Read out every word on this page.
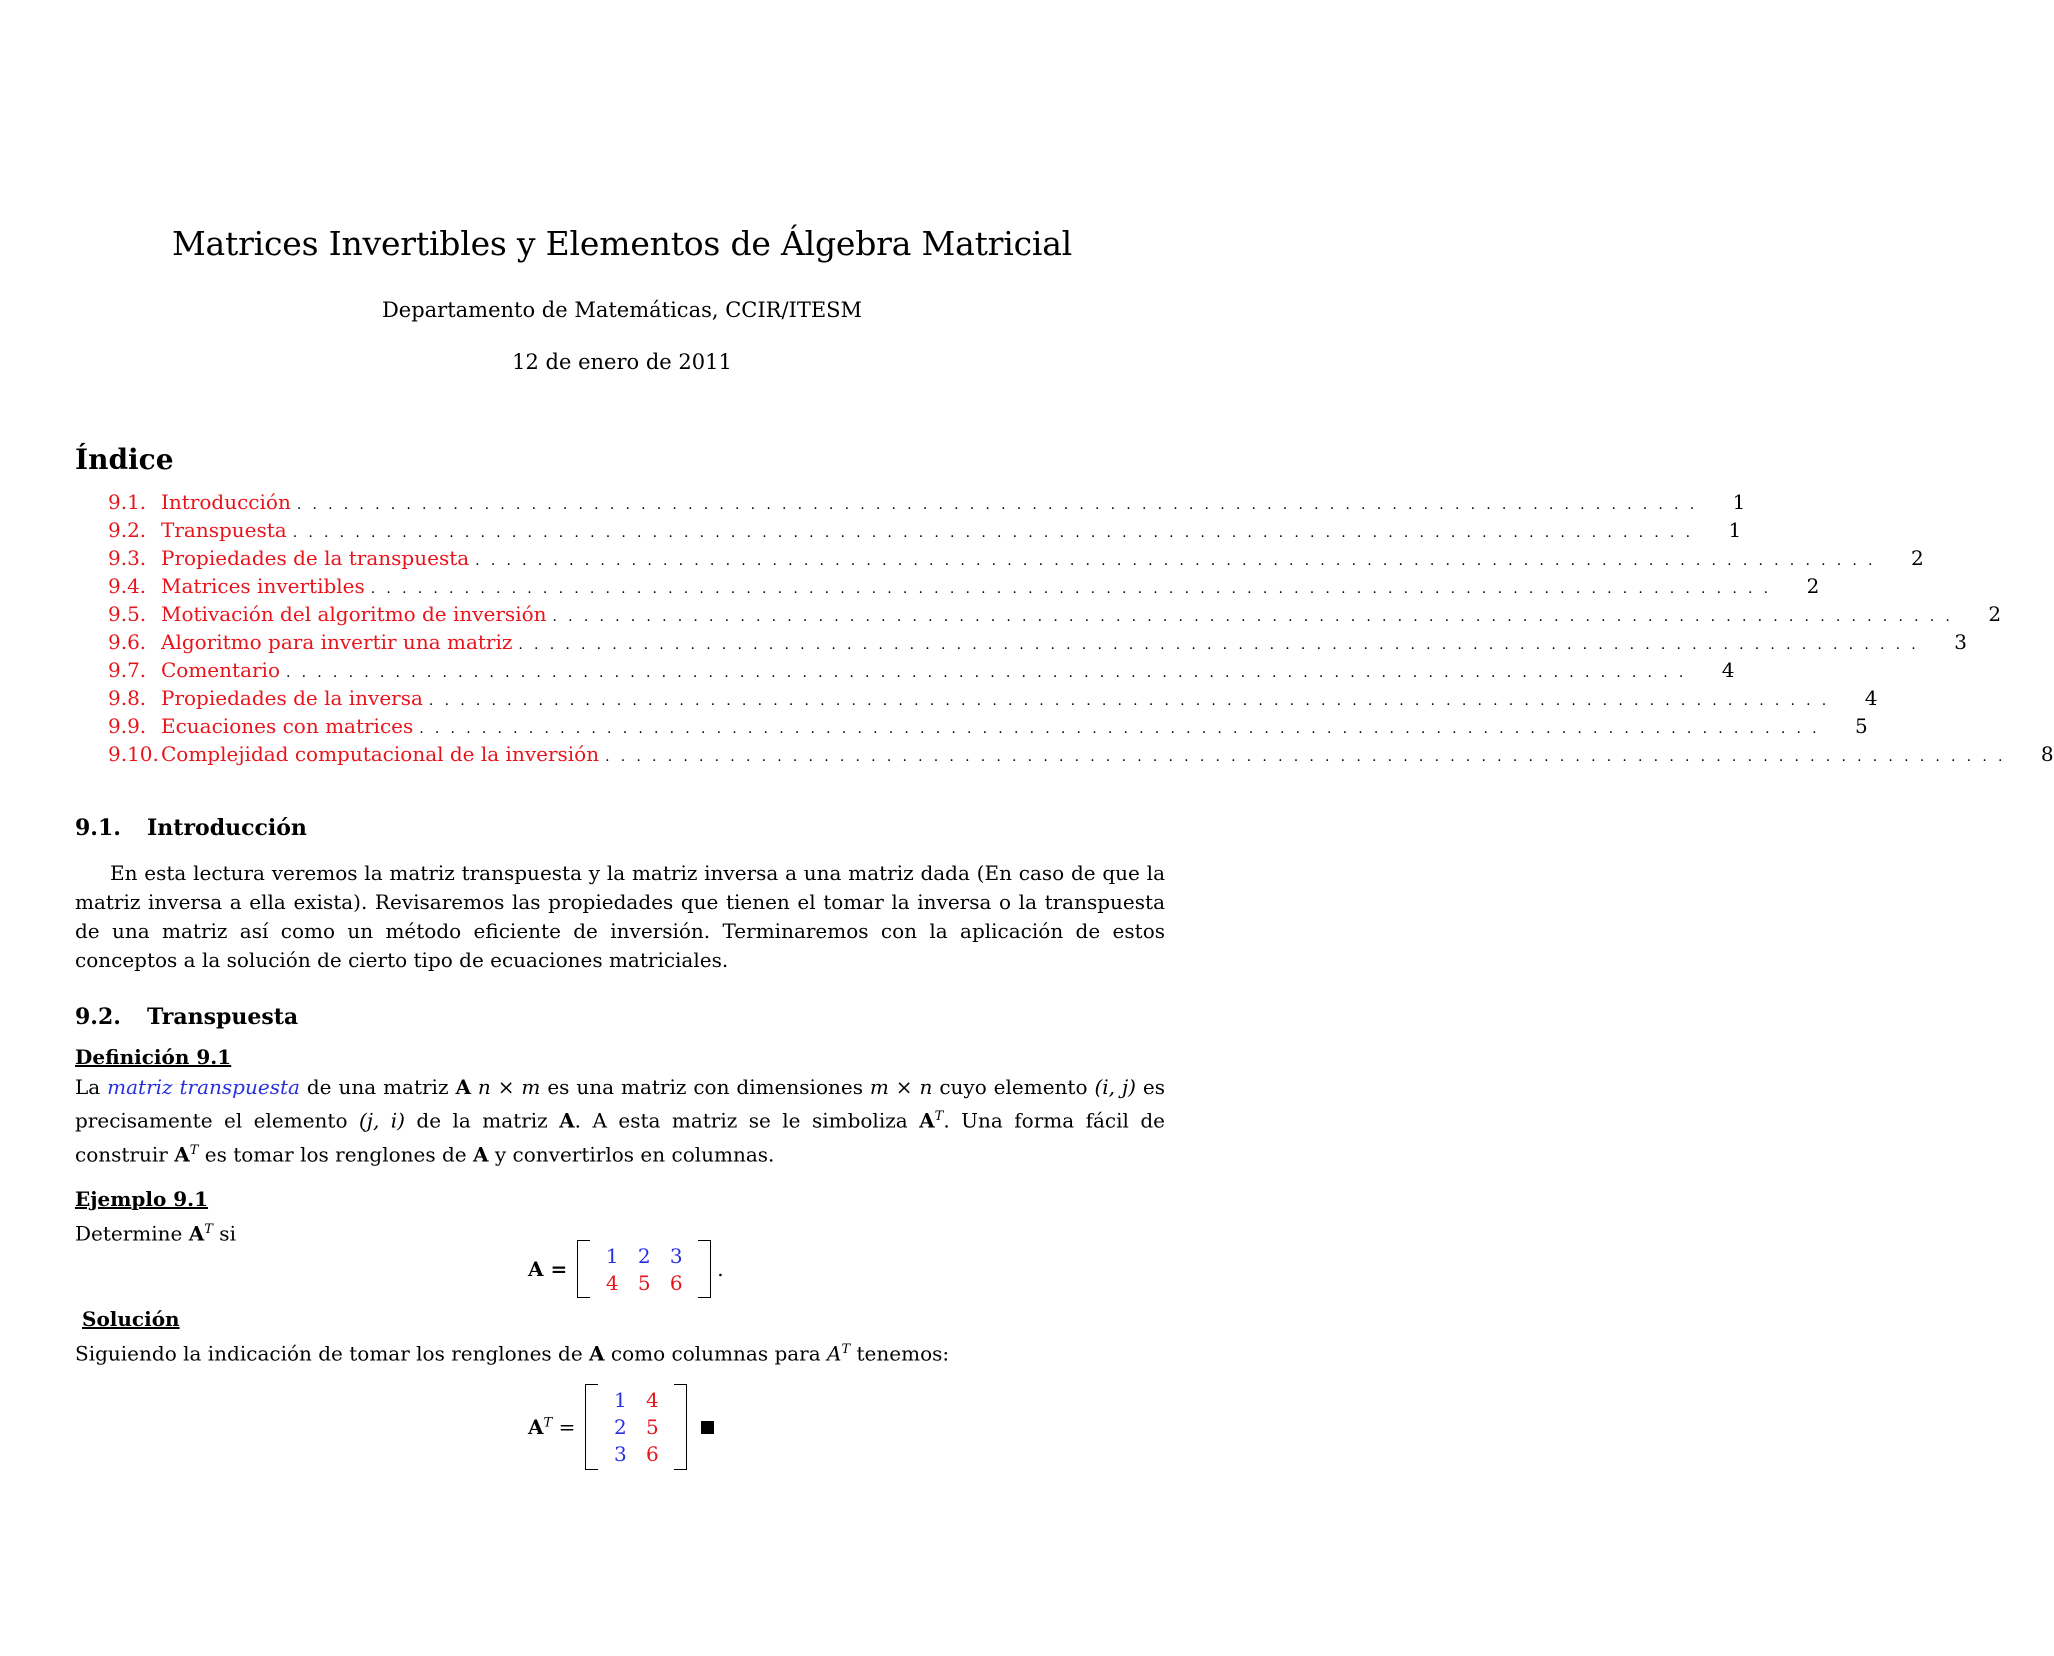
Matrices Invertibles y Elementos de Álgebra Matricial
Departamento de Matemáticas, CCIR/ITESM
12 de enero de 2011
Índice
9.1. Introducción ..........................................................................................	1
9.2. Transpuesta ..........................................................................................	1
9.3. Propiedades de la transpuesta ..........................................................................................	2
9.4. Matrices invertibles ..........................................................................................	2
9.5. Motivación del algoritmo de inversión ..........................................................................................	2
9.6. Algoritmo para invertir una matriz ..........................................................................................	3
9.7. Comentario ..........................................................................................	4
9.8. Propiedades de la inversa ..........................................................................................	4
9.9. Ecuaciones con matrices ..........................................................................................	5
9.10. Complejidad computacional de la inversión ..........................................................................................	8
9.1. Introducción
En esta lectura veremos la matriz transpuesta y la matriz inversa a una matriz dada (En caso de que la matriz inversa a ella exista). Revisaremos las propiedades que tienen el tomar la inversa o la transpuesta de una matriz así como un método eficiente de inversión. Terminaremos con la aplicación de estos conceptos a la solución de cierto tipo de ecuaciones matriciales.
9.2. Transpuesta
Definición 9.1
La matriz transpuesta de una matriz A n × m es una matriz con dimensiones m × n cuyo elemento (i, j) es precisamente el elemento (j, i) de la matriz A. A esta matriz se le simboliza $A^T$. Una forma fácil de construir $A^T$ es tomar los renglones de A y convertirlos en columnas.
Ejemplo 9.1
Determine $A^T$ si
A =
1 2 3
4 5 6
.
Solución
Siguiendo la indicación de tomar los renglones de A como columnas para $A^T$ tenemos:
$A^T$ =
1 4
2 5
3 6
